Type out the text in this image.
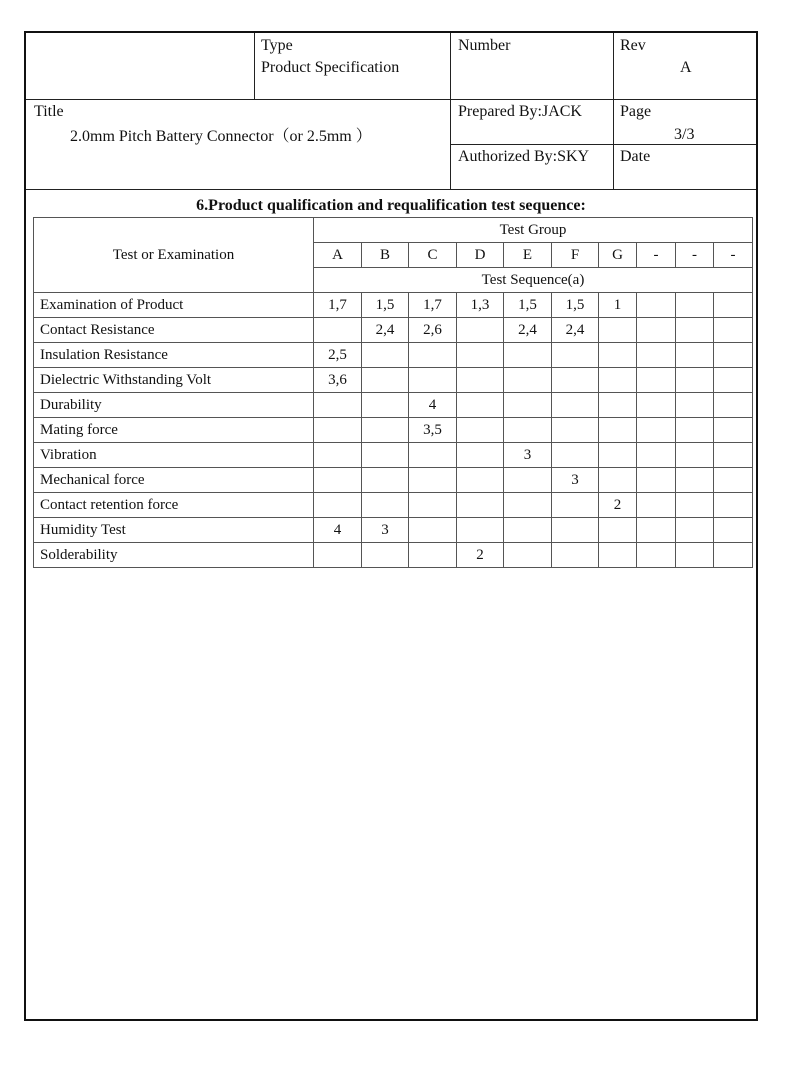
Type
Product Specification
Number	Rev
A
Title
2.0mm Pitch Battery Connector（or 2.5mm ）
Prepared By:JACK Page
3/3
Authorized By:SKY Date
6.Product qualification and requalification test sequence:
Test or Examination	Test Group									
	A	B	C	D	E	F	G	-	-	-
	Test Sequence(a)									
Examination of Product	1,7	1,5	1,7	1,3	1,5	1,5	1			
Contact Resistance		2,4	2,6		2,4	2,4				
Insulation Resistance	2,5									
Dielectric Withstanding Volt	3,6									
Durability			4							
Mating force			3,5							
Vibration					3					
Mechanical force						3				
Contact retention force							2			
Humidity Test	4	3								
Solderability				2						
